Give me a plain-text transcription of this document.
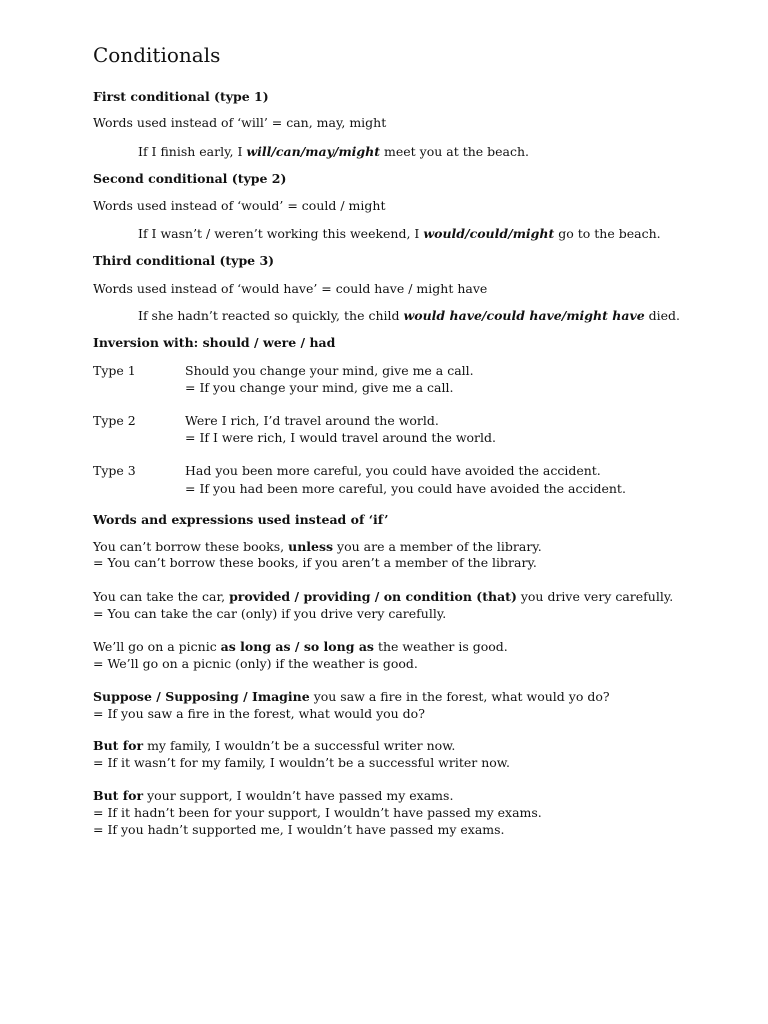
Conditionals
First conditional (type 1)
Words used instead of ‘will’ = can, may, might
If I finish early, I will/can/may/might meet you at the beach.
Second conditional (type 2)
Words used instead of ‘would’ = could / might
If I wasn’t / weren’t working this weekend, I would/could/might go to the beach.
Third conditional (type 3)
Words used instead of ‘would have’ = could have / might have
If she hadn’t reacted so quickly, the child would have/could have/might have died.
Inversion with: should / were / had
Type 1	Should you change your mind, give me a call.
= If you change your mind, give me a call.
Type 2	Were I rich, I’d travel around the world.
= If I were rich, I would travel around the world.
Type 3	Had you been more careful, you could have avoided the accident.
= If you had been more careful, you could have avoided the accident.
Words and expressions used instead of ‘if’
You can’t borrow these books, unless you are a member of the library.
= You can’t borrow these books, if you aren’t a member of the library.
You can take the car, provided / providing / on condition (that) you drive very carefully.
= You can take the car (only) if you drive very carefully.
We’ll go on a picnic as long as / so long as the weather is good.
= We’ll go on a picnic (only) if the weather is good.
Suppose / Supposing / Imagine you saw a fire in the forest, what would yo do?
= If you saw a fire in the forest, what would you do?
But for my family, I wouldn’t be a successful writer now.
= If it wasn’t for my family, I wouldn’t be a successful writer now.
But for your support, I wouldn’t have passed my exams.
= If it hadn’t been for your support, I wouldn’t have passed my exams.
= If you hadn’t supported me, I wouldn’t have passed my exams.
